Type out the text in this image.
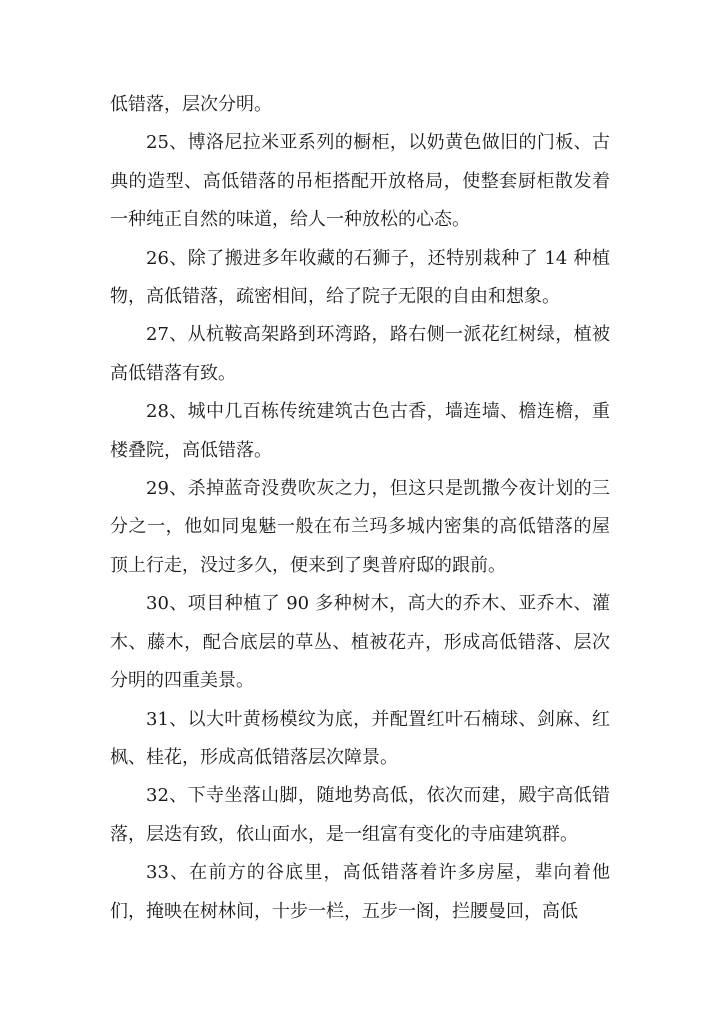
低错落，层次分明。

25、博洛尼拉米亚系列的橱柜，以奶黄色做旧的门板、古典的造型、高低错落的吊柜搭配开放格局，使整套厨柜散发着一种纯正自然的味道，给人一种放松的心态。

26、除了搬进多年收藏的石狮子，还特别栽种了 14 种植物，高低错落，疏密相间，给了院子无限的自由和想象。

27、从杭鞍高架路到环湾路，路右侧一派花红树绿，植被高低错落有致。

28、城中几百栋传统建筑古色古香，墙连墙、檐连檐，重楼叠院，高低错落。

29、杀掉蓝奇没费吹灰之力，但这只是凯撒今夜计划的三分之一，他如同鬼魅一般在布兰玛多城内密集的高低错落的屋顶上行走，没过多久，便来到了奥普府邸的跟前。

30、项目种植了 90 多种树木，高大的乔木、亚乔木、灌木、藤木，配合底层的草丛、植被花卉，形成高低错落、层次分明的四重美景。

31、以大叶黄杨模纹为底，并配置红叶石楠球、剑麻、红枫、桂花，形成高低错落层次障景。

32、下寺坐落山脚，随地势高低，依次而建，殿宇高低错落，层迭有致，依山面水，是一组富有变化的寺庙建筑群。

33、在前方的谷底里，高低错落着许多房屋，辈向着他们，掩映在树林间，十步一栏，五步一阁，拦腰曼回，高低
